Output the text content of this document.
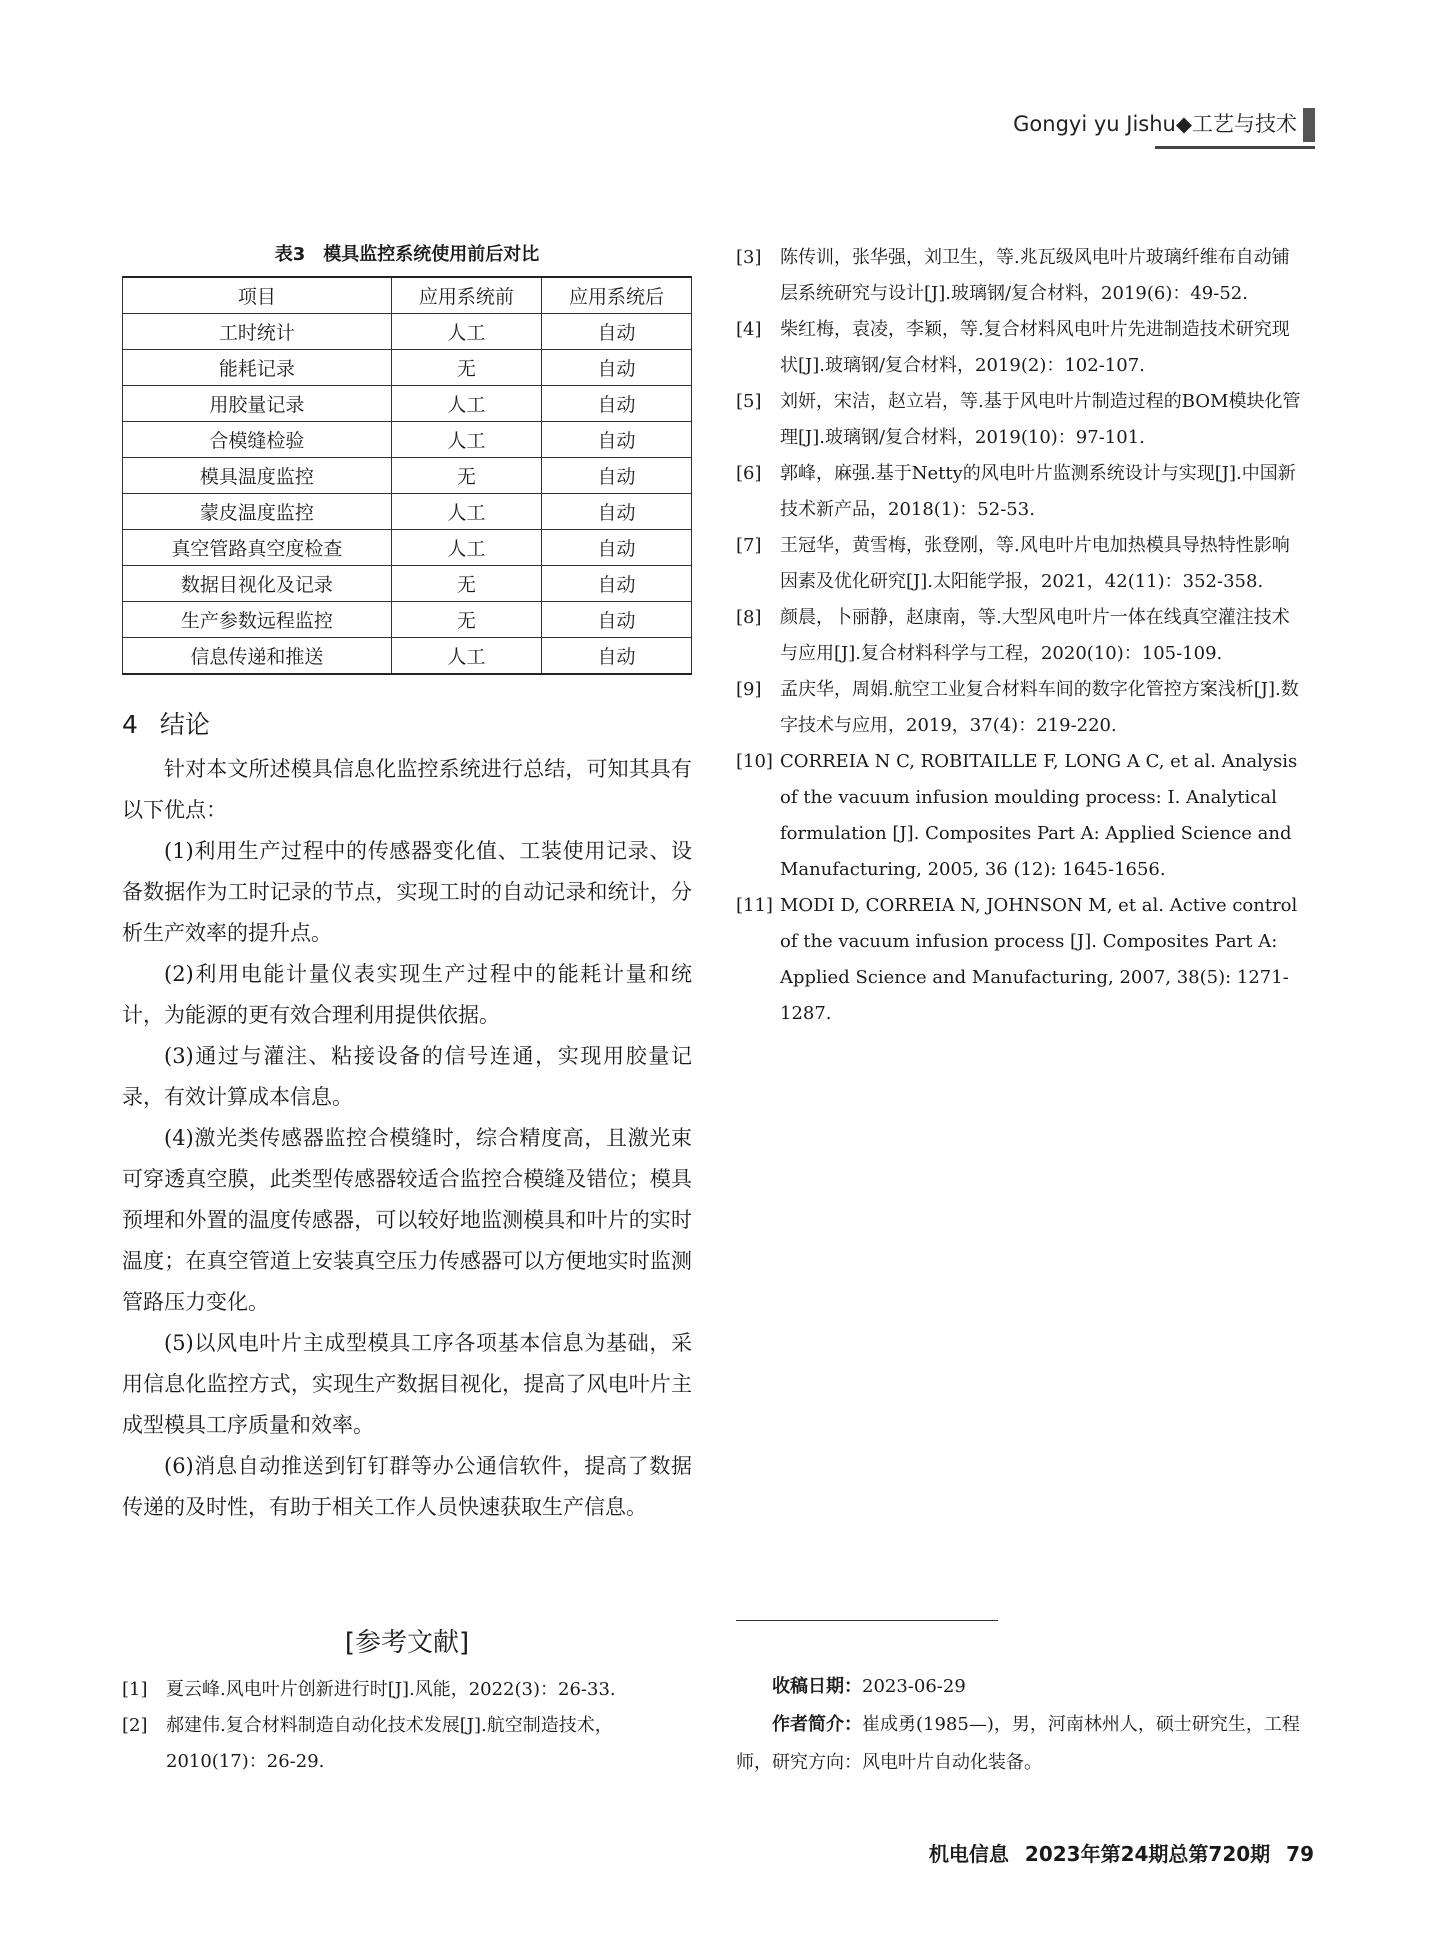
Gongyi yu Jishu◆工艺与技术
表3　模具监控系统使用前后对比
项目	应用系统前	应用系统后
工时统计	人工	自动
能耗记录	无	自动
用胶量记录	人工	自动
合模缝检验	人工	自动
模具温度监控	无	自动
蒙皮温度监控	人工	自动
真空管路真空度检查	人工	自动
数据目视化及记录	无	自动
生产参数远程监控	无	自动
信息传递和推送	人工	自动
4 结论

针对本文所述模具信息化监控系统进行总结，可知其具有以下优点：

(1)利用生产过程中的传感器变化值、工装使用记录、设备数据作为工时记录的节点，实现工时的自动记录和统计，分析生产效率的提升点。

(2)利用电能计量仪表实现生产过程中的能耗计量和统计，为能源的更有效合理利用提供依据。

(3)通过与灌注、粘接设备的信号连通，实现用胶量记录，有效计算成本信息。

(4)激光类传感器监控合模缝时，综合精度高，且激光束可穿透真空膜，此类型传感器较适合监控合模缝及错位；模具预埋和外置的温度传感器，可以较好地监测模具和叶片的实时温度；在真空管道上安装真空压力传感器可以方便地实时监测管路压力变化。

(5)以风电叶片主成型模具工序各项基本信息为基础，采用信息化监控方式，实现生产数据目视化，提高了风电叶片主成型模具工序质量和效率。

(6)消息自动推送到钉钉群等办公通信软件，提高了数据传递的及时性，有助于相关工作人员快速获取生产信息。

[参考文献]
[1]	夏云峰.风电叶片创新进行时[J].风能，2022(3)：26-33.
[2]	郝建伟.复合材料制造自动化技术发展[J].航空制造技术，2010(17)：26-29.
[3]	陈传训，张华强，刘卫生，等.兆瓦级风电叶片玻璃纤维布自动铺层系统研究与设计[J].玻璃钢/复合材料，2019(6)：49-52.
[4]	柴红梅，袁凌，李颖，等.复合材料风电叶片先进制造技术研究现状[J].玻璃钢/复合材料，2019(2)：102-107.
[5]	刘妍，宋洁，赵立岩，等.基于风电叶片制造过程的BOM模块化管理[J].玻璃钢/复合材料，2019(10)：97-101.
[6]	郭峰，麻强.基于Netty的风电叶片监测系统设计与实现[J].中国新技术新产品，2018(1)：52-53.
[7]	王冠华，黄雪梅，张登刚，等.风电叶片电加热模具导热特性影响因素及优化研究[J].太阳能学报，2021，42(11)：352-358.
[8]	颜晨，卜丽静，赵康南，等.大型风电叶片一体在线真空灌注技术与应用[J].复合材料科学与工程，2020(10)：105-109.
[9]	孟庆华，周娟.航空工业复合材料车间的数字化管控方案浅析[J].数字技术与应用，2019，37(4)：219-220.
[10] CORREIA N C, ROBITAILLE F, LONG A C, et al. Analysis of the vacuum infusion moulding process: I. Analytical formulation [J]. Composites Part A: Applied Science and Manufacturing, 2005, 36 (12): 1645-1656.
[11] MODI D, CORREIA N, JOHNSON M, et al. Active control of the vacuum infusion process [J]. Composites Part A: Applied Science and Manufacturing, 2007, 38(5): 1271-1287.
收稿日期：2023-06-29
作者简介：崔成勇(1985—)，男，河南林州人，硕士研究生，工程师，研究方向：风电叶片自动化装备。
机电信息 2023年第24期总第720期 79
